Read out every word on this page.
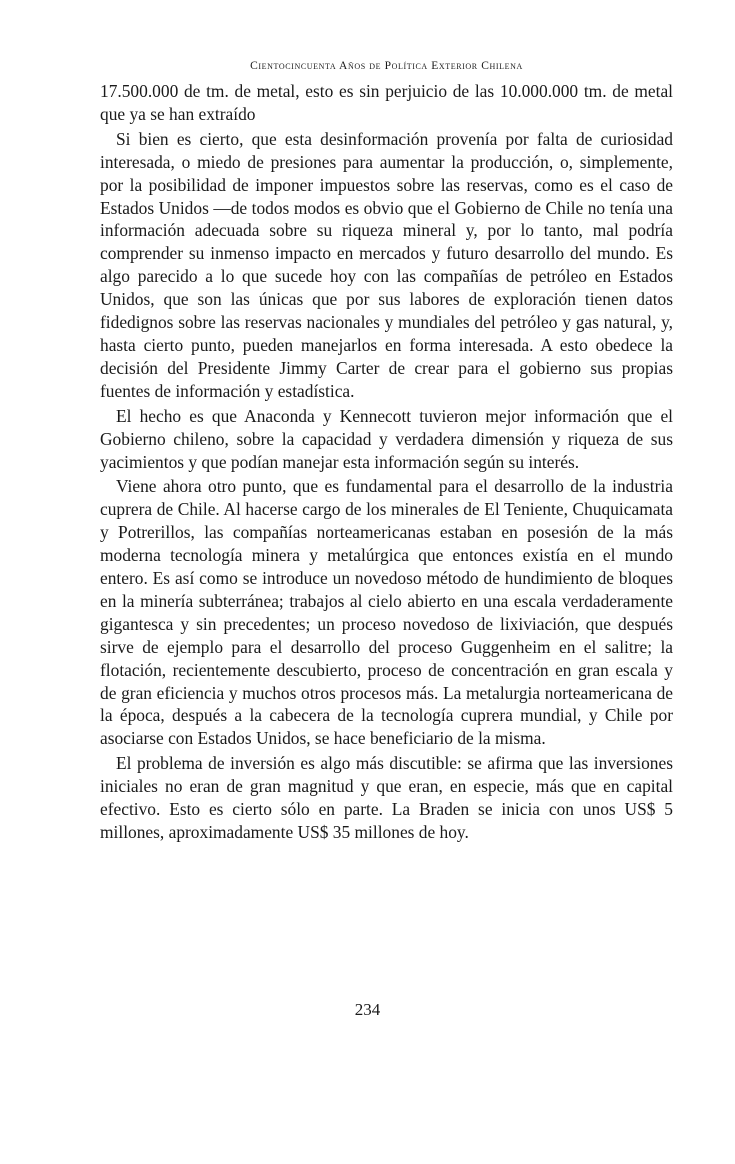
Cientocincuenta Años de Política Exterior Chilena

17.500.000 de tm. de metal, esto es sin perjuicio de las 10.000.000 tm. de metal que ya se han extraído

Si bien es cierto, que esta desinformación provenía por falta de curiosidad interesada, o miedo de presiones para aumentar la producción, o, simplemente, por la posibilidad de imponer impuestos sobre las reservas, como es el caso de Estados Unidos —de todos modos es obvio que el Gobierno de Chile no tenía una información adecuada sobre su riqueza mineral y, por lo tanto, mal podría comprender su inmenso impacto en mercados y futuro desarrollo del mundo. Es algo parecido a lo que sucede hoy con las compañías de petróleo en Estados Unidos, que son las únicas que por sus labores de exploración tienen datos fidedignos sobre las reservas nacionales y mundiales del petróleo y gas natural, y, hasta cierto punto, pueden manejarlos en forma interesada. A esto obedece la decisión del Presidente Jimmy Carter de crear para el gobierno sus propias fuentes de información y estadística.

El hecho es que Anaconda y Kennecott tuvieron mejor información que el Gobierno chileno, sobre la capacidad y verdadera dimensión y riqueza de sus yacimientos y que podían manejar esta información según su interés.

Viene ahora otro punto, que es fundamental para el desarrollo de la industria cuprera de Chile. Al hacerse cargo de los minerales de El Teniente, Chuquicamata y Potrerillos, las compañías norteamericanas estaban en posesión de la más moderna tecnología minera y metalúrgica que entonces existía en el mundo entero. Es así como se introduce un novedoso método de hundimiento de bloques en la minería subterránea; trabajos al cielo abierto en una escala verdaderamente gigantesca y sin precedentes; un proceso novedoso de lixiviación, que después sirve de ejemplo para el desarrollo del proceso Guggenheim en el salitre; la flotación, recientemente descubierto, proceso de concentración en gran escala y de gran eficiencia y muchos otros procesos más. La metalurgia norteamericana de la época, después a la cabecera de la tecnología cuprera mundial, y Chile por asociarse con Estados Unidos, se hace beneficiario de la misma.

El problema de inversión es algo más discutible: se afirma que las inversiones iniciales no eran de gran magnitud y que eran, en especie, más que en capital efectivo. Esto es cierto sólo en parte. La Braden se inicia con unos US$ 5 millones, aproximadamente US$ 35 millones de hoy.

234
